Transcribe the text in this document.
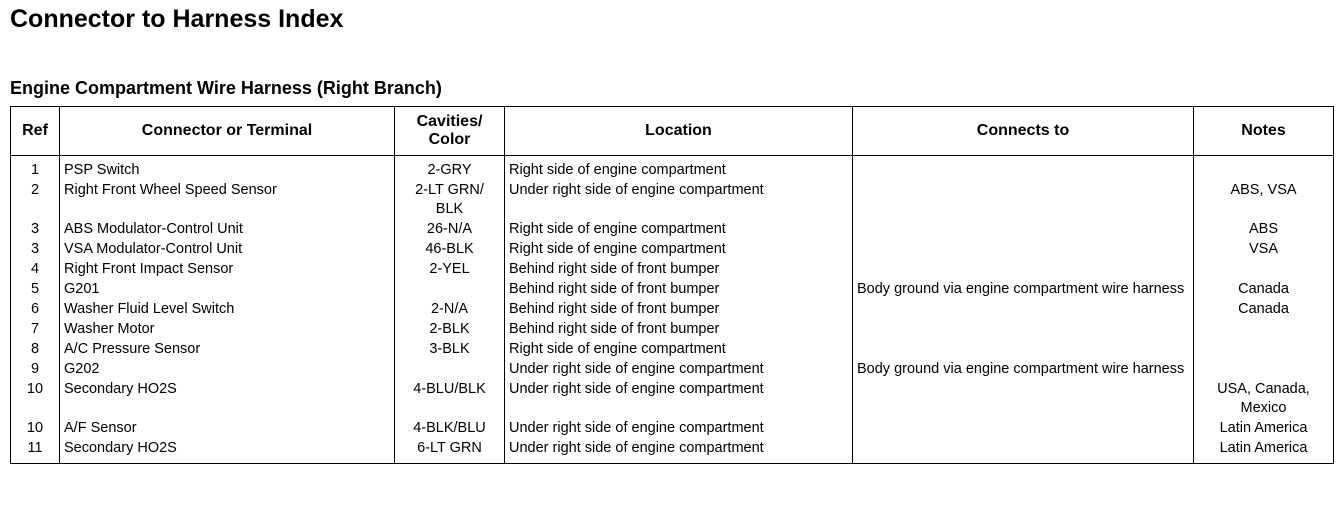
Connector to Harness Index
Engine Compartment Wire Harness (Right Branch)
Ref	Connector or Terminal	Cavities/ Color	Location	Connects to	Notes
1	PSP Switch	2-GRY	Right side of engine compartment	

2	Right Front Wheel Speed Sensor	2-LT GRN/ BLK	Under right side of engine compartment		ABS, VSA
3	ABS Modulator-Control Unit	26-N/A	Right side of engine compartment		ABS
3	VSA Modulator-Control Unit	46-BLK	Right side of engine compartment		VSA
4	Right Front Impact Sensor	2-YEL	Behind right side of front bumper	

5	G201		Behind right side of front bumper	Body ground via engine compartment wire harness	Canada
6	Washer Fluid Level Switch	2-N/A	Behind right side of front bumper		Canada
7	Washer Motor	2-BLK	Behind right side of front bumper	

8	A/C Pressure Sensor	3-BLK	Right side of engine compartment	

9	G202		Under right side of engine compartment	Body ground via engine compartment wire harness	

10	Secondary HO2S	4-BLU/BLK	Under right side of engine compartment		USA, Canada, Mexico
10	A/F Sensor	4-BLK/BLU	Under right side of engine compartment		Latin America
11	Secondary HO2S	6-LT GRN	Under right side of engine compartment		Latin America
